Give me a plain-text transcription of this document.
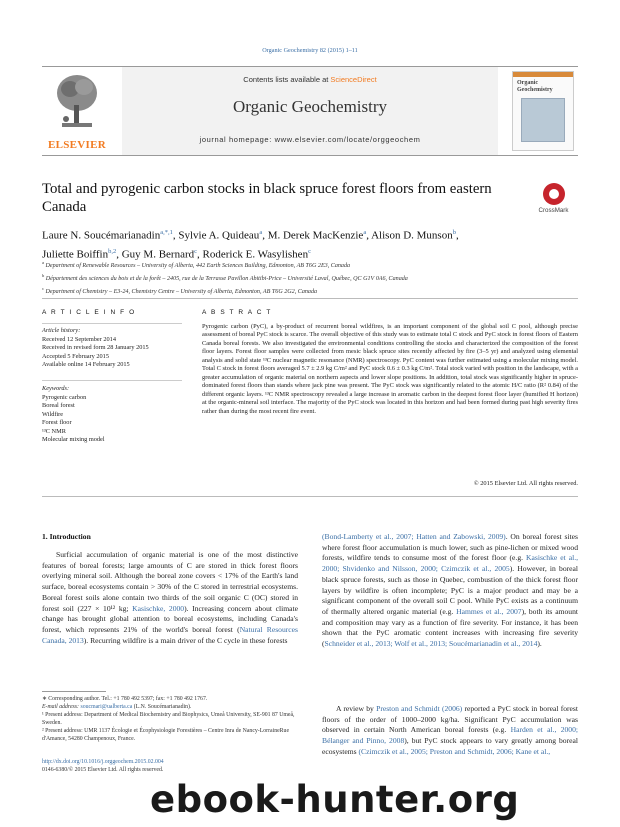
Organic Geochemistry 82 (2015) 1–11
ELSEVIER
Contents lists available at ScienceDirect
Organic Geochemistry
journal homepage: www.elsevier.com/locate/orggeochem
Organic Geochemistry
Total and pyrogenic carbon stocks in black spruce forest floors from eastern Canada	CrossMark
Laure N. Soucémarianadin$^{a,*,1}$, Sylvie A. Quideau$^a$, M. Derek MacKenzie$^a$, Alison D. Munson$^b$,
Juliette Boiffin$^{b,2}$, Guy M. Bernard$^c$, Roderick E. Wasylishen$^c$
$^a$ Department of Renewable Resources – University of Alberta, 442 Earth Sciences Building, Edmonton, AB T6G 2E3, Canada
$^b$ Département des sciences du bois et de la forêt – 2405, rue de la Terrasse Pavillon Abitibi-Price – Université Laval, Québec, QC G1V 0A6, Canada
$^c$ Department of Chemistry – E3-24, Chemistry Centre – University of Alberta, Edmonton, AB T6G 2G2, Canada
A R T I C L E I N F O	A B S T R A C T
Article history:
Received 12 September 2014
Received in revised form 28 January 2015
Accepted 5 February 2015
Available online 14 February 2015
Keywords:
Pyrogenic carbon
Boreal forest
Wildfire
Forest floor
¹³C NMR
Molecular mixing model
Pyrogenic carbon (PyC), a by-product of recurrent boreal wildfires, is an important component of the global soil C pool, although precise assessment of boreal PyC stock is scarce. The overall objective of this study was to estimate total C stock and PyC stock in forest floors of Eastern Canada boreal forests. We also investigated the environmental conditions controlling the stocks and characterized the composition of the forest floor layers. Forest floor samples were collected from mesic black spruce sites recently affected by fire (3–5 yr) and analyzed using elemental analysis and solid state ¹³C nuclear magnetic resonance (NMR) spectroscopy. PyC content was further estimated using a molecular mixing model. Total C stock in forest floors averaged 5.7 ± 2.9 kg C/m² and PyC stock 0.6 ± 0.3 kg C/m². Total stock varied with position in the landscape, with a greater accumulation of organic material on northern aspects and lower slope positions. In addition, total stock was significantly higher in spruce-dominated forest floors than stands where jack pine was present. The PyC stock was significantly related to the atomic H/C ratio (R² 0.84) of the different organic layers. ¹³C NMR spectroscopy revealed a large increase in aromatic carbon in the deepest forest floor layer (humified H horizon) at the organic-mineral soil interface. The majority of the PyC stock was located in this horizon and had been formed during past high severity fires rather than during the most recent fire event.
© 2015 Elsevier Ltd. All rights reserved.
1. Introduction
Surficial accumulation of organic material is one of the most distinctive features of boreal forests; large amounts of C are stored in thick forest floors overlying mineral soil. Although the boreal zone covers < 17% of the Earth's land surface, boreal ecosystems contain > 30% of the C stored in terrestrial ecosystems. Boreal forest soils alone contain two thirds of the soil organic C (OC) stored in forest soil (227 × 10¹² kg; Kasischke, 2000). Increasing concern about climate change has brought global attention to boreal ecosystems, including Canada's forest, which represents 21% of the world's boreal forest (Natural Resources Canada, 2013). Recurring wildfire is a main driver of the C cycle in these forests
(Bond-Lamberty et al., 2007; Hatten and Zabowski, 2009). On boreal forest sites where forest floor accumulation is much lower, such as pine-lichen or mixed wood forests, wildfire tends to consume most of the forest floor (e.g. Kasischke et al., 2000; Shvidenko and Nilsson, 2000; Czimczik et al., 2005). However, in boreal black spruce forests, such as those in Quebec, combustion of the thick forest floor layers by wildfire is often incomplete; PyC is a major product and may be a significant component of the overall soil C pool. While PyC exists as a continuum of thermally altered organic material (e.g. Hammes et al., 2007), both its amount and composition may vary as a function of fire severity. For instance, it has been shown that the PyC aromatic content increases with increasing fire severity (Schneider et al., 2013; Wolf et al., 2013; Soucémarianadin et al., 2014).
A review by Preston and Schmidt (2006) reported a PyC stock in boreal forest floors of the order of 1000–2000 kg/ha. Significant PyC accumulation was observed in certain North American boreal forests (e.g. Harden et al., 2000; Bélanger and Pinno, 2008), but PyC stock appears to vary greatly among boreal ecosystems (Czimczik et al., 2005; Preston and Schmidt, 2006; Kane et al.,
∗ Corresponding author. Tel.: +1 780 492 5397; fax: +1 780 492 1767.
E-mail address: soucmari@ualberta.ca (L.N. Soucémarianadin).
¹ Present address: Department of Medical Biochemistry and Biophysics, Umeå University, SE-901 87 Umeå, Sweden.
² Present address: UMR 1137 Écologie et Écophysiologie Forestières – Centre Inra de Nancy-LorraineRue d'Amance, 54280 Champenoux, France.
http://dx.doi.org/10.1016/j.orggeochem.2015.02.004
0146-6380/© 2015 Elsevier Ltd. All rights reserved.
ebook-hunter.org
